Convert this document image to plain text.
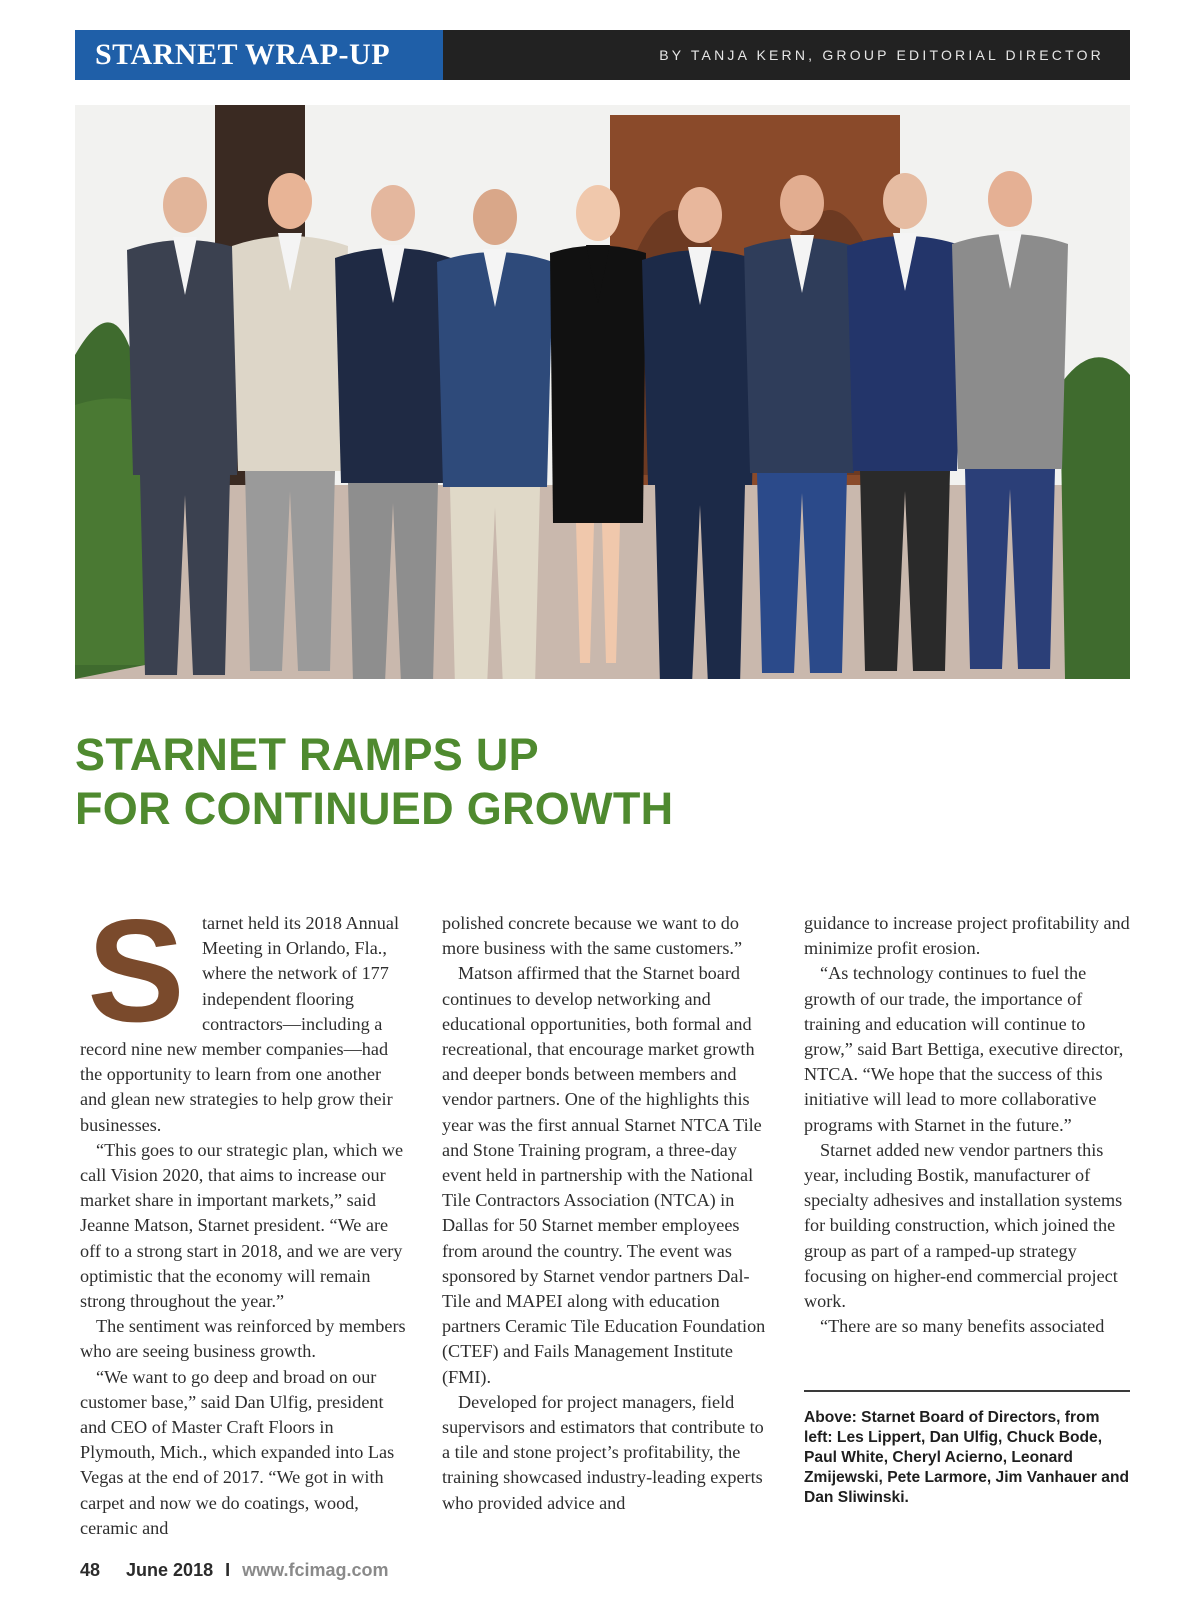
STARNET WRAP-UP	BY TANJA KERN, GROUP EDITORIAL DIRECTOR
STARNET RAMPS UP
FOR CONTINUED GROWTH

Starnet held its 2018 Annual Meeting in Orlando, Fla., where the network of 177 independent flooring contractors—including a record nine new member companies—had the opportunity to learn from one another and glean new strategies to help grow their businesses.

“This goes to our strategic plan, which we call Vision 2020, that aims to increase our market share in important markets,” said Jeanne Matson, Starnet president. “We are off to a strong start in 2018, and we are very optimistic that the economy will remain strong throughout the year.”

The sentiment was reinforced by members who are seeing business growth.

“We want to go deep and broad on our customer base,” said Dan Ulfig, president and CEO of Master Craft Floors in Plymouth, Mich., which expanded into Las Vegas at the end of 2017. “We got in with carpet and now we do coatings, wood, ceramic and

polished concrete because we want to do more business with the same customers.”

Matson affirmed that the Starnet board continues to develop networking and educational opportunities, both formal and recreational, that encourage market growth and deeper bonds between members and vendor partners. One of the highlights this year was the first annual Starnet NTCA Tile and Stone Training program, a three-day event held in partnership with the National Tile Contractors Association (NTCA) in Dallas for 50 Starnet member employees from around the country. The event was sponsored by Starnet vendor partners Dal-Tile and MAPEI along with education partners Ceramic Tile Education Foundation (CTEF) and Fails Management Institute (FMI).

Developed for project managers, field supervisors and estimators that contribute to a tile and stone project’s profitability, the training showcased industry-leading experts who provided advice and

guidance to increase project profitability and minimize profit erosion.

“As technology continues to fuel the growth of our trade, the importance of training and education will continue to grow,” said Bart Bettiga, executive director, NTCA. “We hope that the success of this initiative will lead to more collaborative programs with Starnet in the future.”

Starnet added new vendor partners this year, including Bostik, manufacturer of specialty adhesives and installation systems for building construction, which joined the group as part of a ramped-up strategy focusing on higher-end commercial project work.

“There are so many benefits associated

Above: Starnet Board of Directors, from left: Les Lippert, Dan Ulfig, Chuck Bode, Paul White, Cheryl Acierno, Leonard Zmijewski, Pete Larmore, Jim Vanhauer and Dan Sliwinski.

48 June 2018 I www.fcimag.com
